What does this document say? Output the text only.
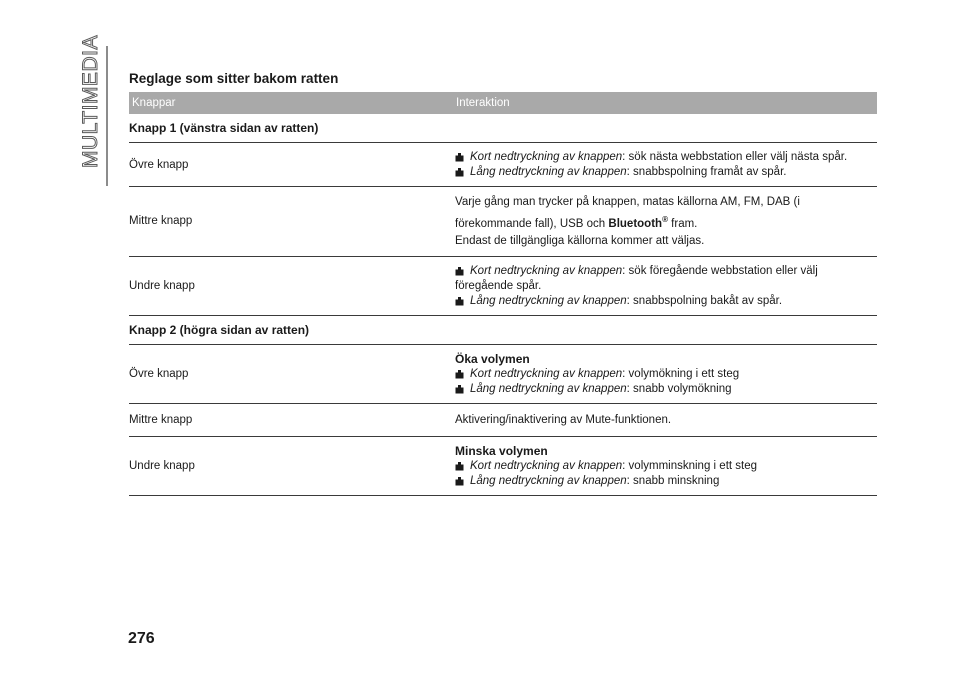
MULTIMEDIA Reglage som sitter bakom ratten
Knappar	Interaktion
Knapp 1 (vänstra sidan av ratten)
Övre knapp
Kort nedtryckning av knappen: sök nästa webbstation eller välj nästa spår.
Lång nedtryckning av knappen: snabbspolning framåt av spår.
Mittre knapp
Varje gång man trycker på knappen, matas källorna AM, FM, DAB (i
förekommande fall), USB och Bluetooth® fram.
Endast de tillgängliga källorna kommer att väljas.
Undre knapp
Kort nedtryckning av knappen: sök föregående webbstation eller välj
föregående spår.
Lång nedtryckning av knappen: snabbspolning bakåt av spår.
Knapp 2 (högra sidan av ratten)
Övre knapp
Öka volymen
Kort nedtryckning av knappen: volymökning i ett steg
Lång nedtryckning av knappen: snabb volymökning
Mittre knapp	Aktivering/inaktivering av Mute-funktionen.
Undre knapp
Minska volymen
Kort nedtryckning av knappen: volymminskning i ett steg
Lång nedtryckning av knappen: snabb minskning
276
